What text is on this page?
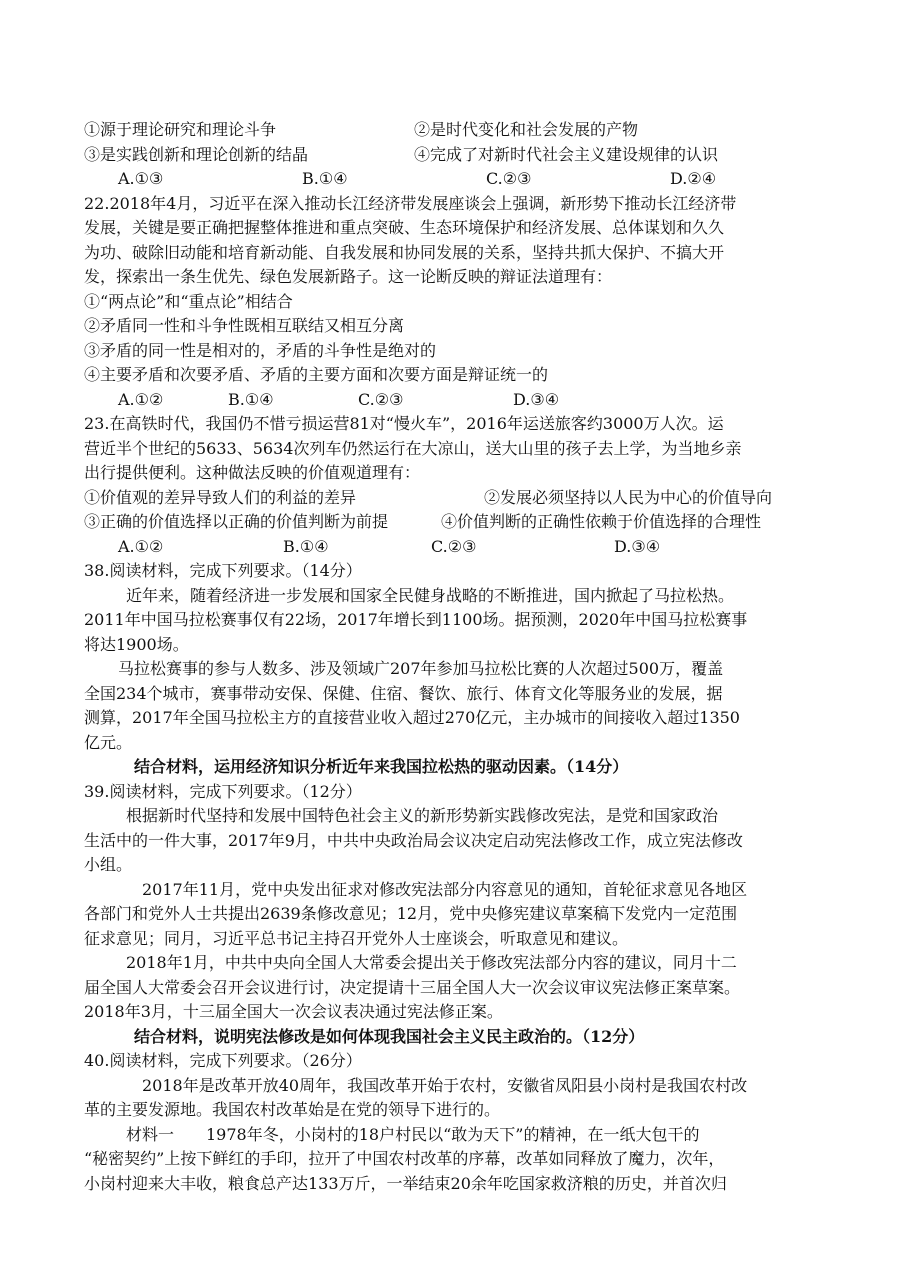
①源于理论研究和理论斗争	②是时代变化和社会发展的产物
③是实践创新和理论创新的结晶	④完成了对新时代社会主义建设规律的认识
A.①③	B.①④	C.②③	D.②④
22.2018年4月，习近平在深入推动长江经济带发展座谈会上强调，新形势下推动长江经济带
发展，关键是要正确把握整体推进和重点突破、生态环境保护和经济发展、总体谋划和久久
为功、破除旧动能和培育新动能、自我发展和协同发展的关系，坚持共抓大保护、不搞大开
发，探索出一条生优先、绿色发展新路子。这一论断反映的辩证法道理有：
①“两点论”和“重点论”相结合
②矛盾同一性和斗争性既相互联结又相互分离
③矛盾的同一性是相对的，矛盾的斗争性是绝对的
④主要矛盾和次要矛盾、矛盾的主要方面和次要方面是辩证统一的
A.①②	B.①④	C.②③	D.③④
23.在高铁时代，我国仍不惜亏损运营81对“慢火车”，2016年运送旅客约3000万人次。运
营近半个世纪的5633、5634次列车仍然运行在大凉山，送大山里的孩子去上学，为当地乡亲
出行提供便利。这种做法反映的价值观道理有：
①价值观的差异导致人们的利益的差异	②发展必须坚持以人民为中心的价值导向
③正确的价值选择以正确的价值判断为前提	④价值判断的正确性依赖于价值选择的合理性
A.①②	B.①④	C.②③	D.③④
38.阅读材料，完成下列要求。（14分）
近年来，随着经济进一步发展和国家全民健身战略的不断推进，国内掀起了马拉松热。
2011年中国马拉松赛事仅有22场，2017年增长到1100场。据预测，2020年中国马拉松赛事
将达1900场。
马拉松赛事的参与人数多、涉及领域广207年参加马拉松比赛的人次超过500万，覆盖
全国234个城市，赛事带动安保、保健、住宿、餐饮、旅行、体育文化等服务业的发展，据
测算，2017年全国马拉松主方的直接营业收入超过270亿元，主办城市的间接收入超过1350
亿元。
结合材料，运用经济知识分析近年来我国拉松热的驱动因素。（14分）
39.阅读材料，完成下列要求。（12分）
根据新时代坚持和发展中国特色社会主义的新形势新实践修改宪法，是党和国家政治
生活中的一件大事，2017年9月，中共中央政治局会议决定启动宪法修改工作，成立宪法修改
小组。
2017年11月，党中央发出征求对修改宪法部分内容意见的通知，首轮征求意见各地区
各部门和党外人士共提出2639条修改意见；12月，党中央修宪建议草案稿下发党内一定范围
征求意见；同月，习近平总书记主持召开党外人士座谈会，听取意见和建议。
2018年1月，中共中央向全国人大常委会提出关于修改宪法部分内容的建议，同月十二
届全国人大常委会召开会议进行讨，决定提请十三届全国人大一次会议审议宪法修正案草案。
2018年3月，十三届全国大一次会议表决通过宪法修正案。
结合材料，说明宪法修改是如何体现我国社会主义民主政治的。（12分）
40.阅读材料，完成下列要求。（26分）
2018年是改革开放40周年，我国改革开始于农村，安徽省凤阳县小岗村是我国农村改
革的主要发源地。我国农村改革始是在党的领导下进行的。
材料一　　1978年冬，小岗村的18户村民以“敢为天下”的精神，在一纸大包干的
“秘密契约”上按下鲜红的手印，拉开了中国农村改革的序幕，改革如同释放了魔力，次年，
小岗村迎来大丰收，粮食总产达133万斤，一举结束20余年吃国家救济粮的历史，并首次归
